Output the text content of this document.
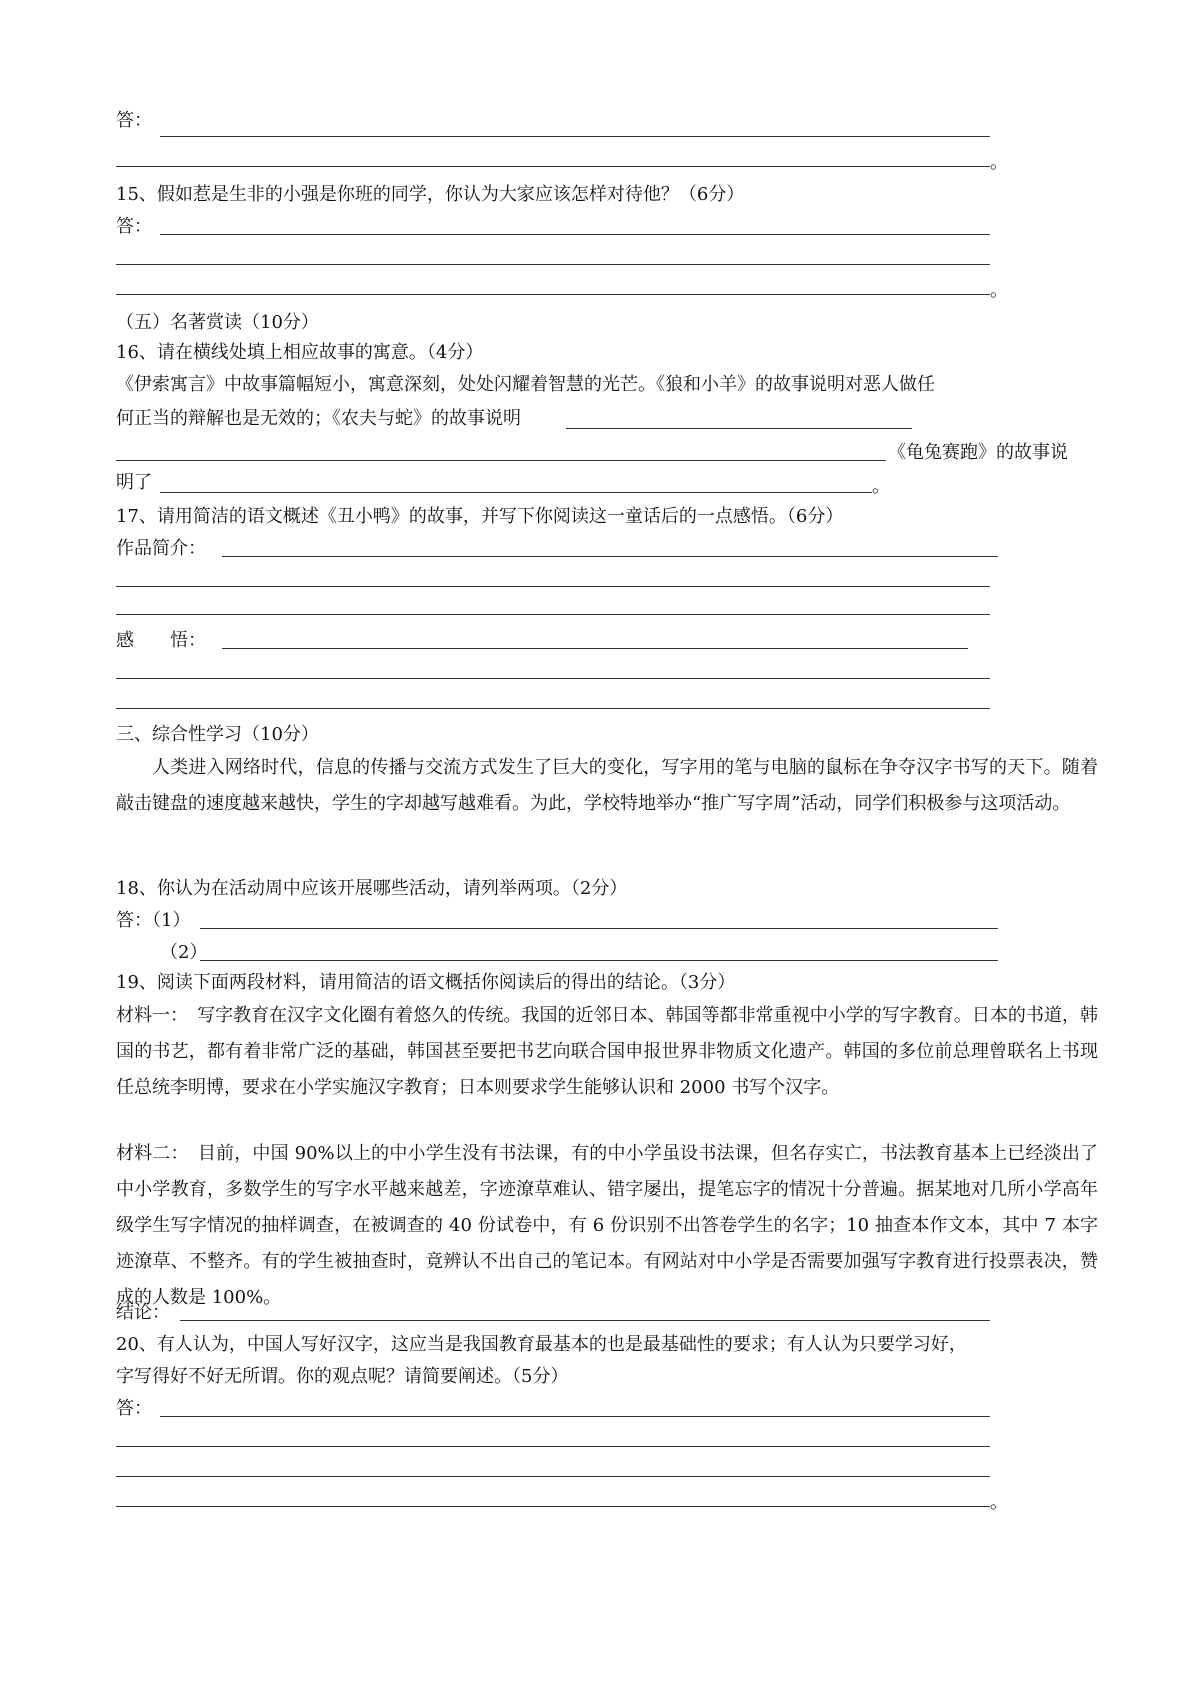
答：
。
15、假如惹是生非的小强是你班的同学，你认为大家应该怎样对待他？（6分）
答：
。
（五）名著赏读（10分）
16、请在横线处填上相应故事的寓意。（4分）
《伊索寓言》中故事篇幅短小，寓意深刻，处处闪耀着智慧的光芒。《狼和小羊》的故事说明对恶人做任
何正当的辩解也是无效的；《农夫与蛇》的故事说明
《龟兔赛跑》的故事说
明了	。
17、请用简洁的语文概述《丑小鸭》的故事，并写下你阅读这一童话后的一点感悟。（6分）
作品简介：
感　　悟：
三、综合性学习（10分）

人类进入网络时代，信息的传播与交流方式发生了巨大的变化，写字用的笔与电脑的鼠标在争夺汉字书写的天下。随着敲击键盘的速度越来越快，学生的字却越写越难看。为此，学校特地举办“推广写字周”活动，同学们积极参与这项活动。

18、你认为在活动周中应该开展哪些活动，请列举两项。（2分）
答：（1）
（2）
19、阅读下面两段材料，请用简洁的语文概括你阅读后的得出的结论。（3分）

材料一：　写字教育在汉字文化圈有着悠久的传统。我国的近邻日本、韩国等都非常重视中小学的写字教育。日本的书道，韩国的书艺，都有着非常广泛的基础，韩国甚至要把书艺向联合国申报世界非物质文化遗产。韩国的多位前总理曾联名上书现任总统李明博，要求在小学实施汉字教育；日本则要求学生能够认识和 2000 书写个汉字。

材料二：　目前，中国 90%以上的中小学生没有书法课，有的中小学虽设书法课，但名存实亡，书法教育基本上已经淡出了中小学教育，多数学生的写字水平越来越差，字迹潦草难认、错字屡出，提笔忘字的情况十分普遍。据某地对几所小学高年级学生写字情况的抽样调查，在被调查的 40 份试卷中，有 6 份识别不出答卷学生的名字；10 抽查本作文本，其中 7 本字迹潦草、不整齐。有的学生被抽查时，竟辨认不出自己的笔记本。有网站对中小学是否需要加强写字教育进行投票表决，赞成的人数是 100%。

结论：
20、有人认为，中国人写好汉字，这应当是我国教育最基本的也是最基础性的要求；有人认为只要学习好，
字写得好不好无所谓。你的观点呢？请简要阐述。（5分）
答：
。
